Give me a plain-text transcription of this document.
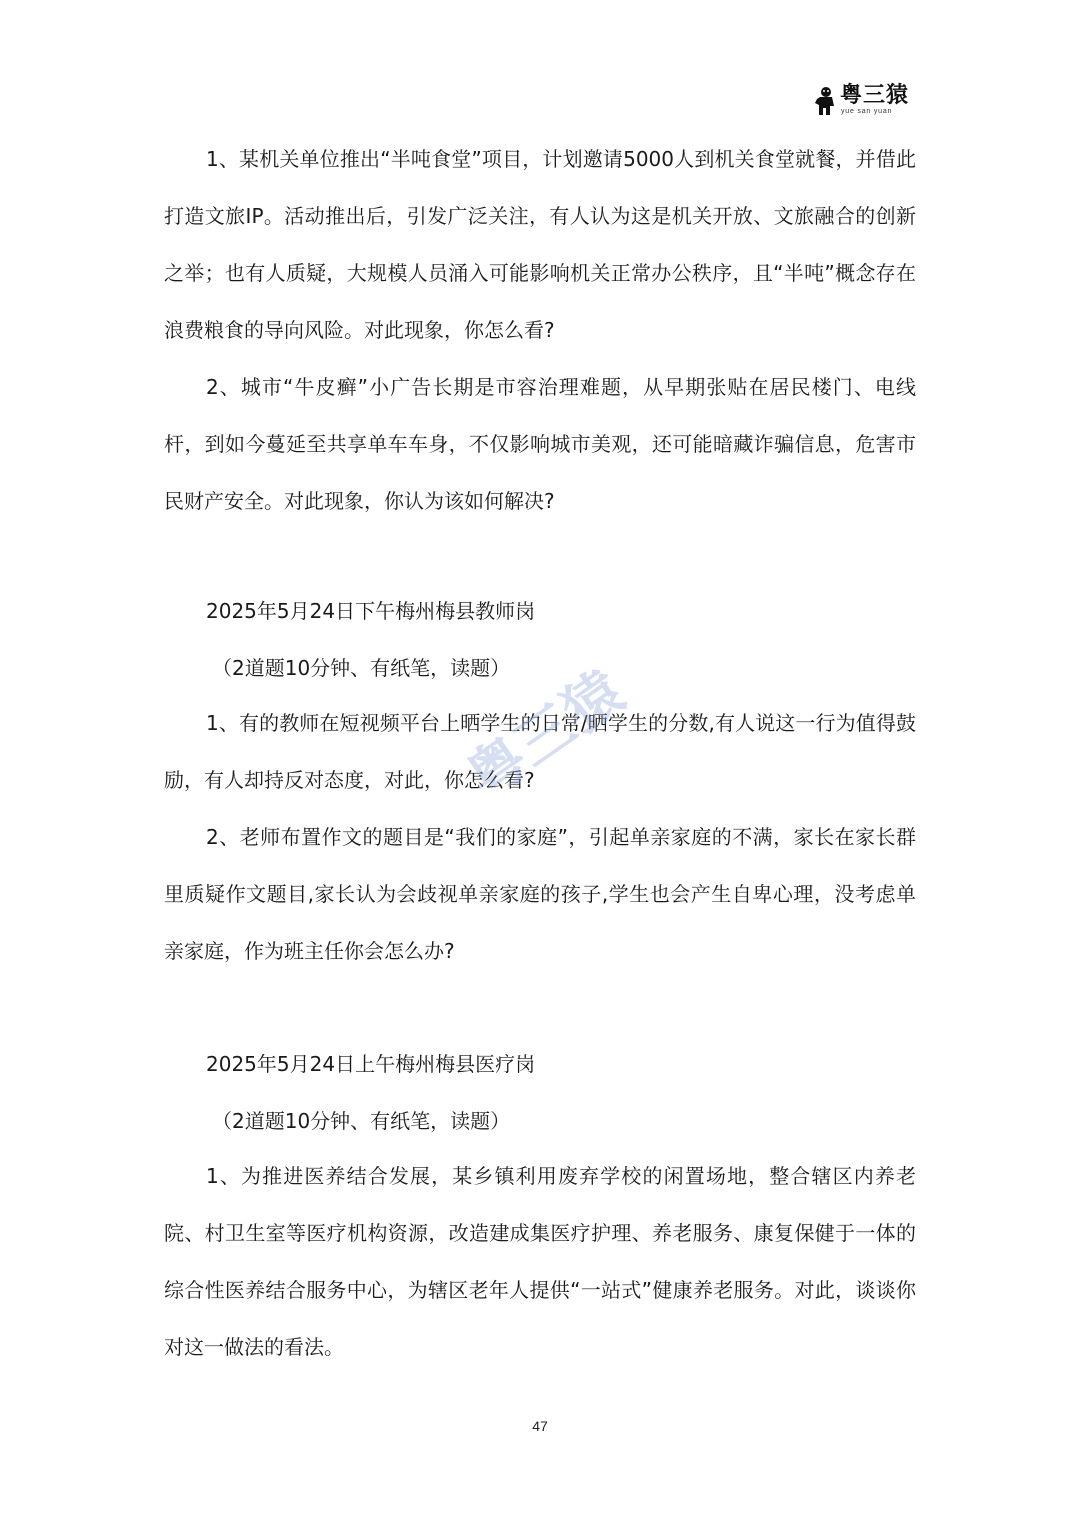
粤三猿
yue san yuan

1、某机关单位推出“半吨食堂”项目，计划邀请5000人到机关食堂就餐，并借此打造文旅IP。活动推出后，引发广泛关注，有人认为这是机关开放、文旅融合的创新之举；也有人质疑，大规模人员涌入可能影响机关正常办公秩序，且“半吨”概念存在浪费粮食的导向风险。对此现象，你怎么看?

2、城市“牛皮癣”小广告长期是市容治理难题，从早期张贴在居民楼门、电线杆，到如今蔓延至共享单车车身，不仅影响城市美观，还可能暗藏诈骗信息，危害市民财产安全。对此现象，你认为该如何解决?

2025年5月24日下午梅州梅县教师岗
（2道题10分钟、有纸笔，读题）

1、有的教师在短视频平台上晒学生的日常/晒学生的分数,有人说这一行为值得鼓励，有人却持反对态度，对此，你怎么看?

2、老师布置作文的题目是“我们的家庭”，引起单亲家庭的不满，家长在家长群里质疑作文题目,家长认为会歧视单亲家庭的孩子,学生也会产生自卑心理，没考虑单亲家庭，作为班主任你会怎么办?

2025年5月24日上午梅州梅县医疗岗
（2道题10分钟、有纸笔，读题）

1、为推进医养结合发展，某乡镇利用废弃学校的闲置场地，整合辖区内养老院、村卫生室等医疗机构资源，改造建成集医疗护理、养老服务、康复保健于一体的综合性医养结合服务中心，为辖区老年人提供“一站式”健康养老服务。对此，谈谈你对这一做法的看法。

粤三猿
47
